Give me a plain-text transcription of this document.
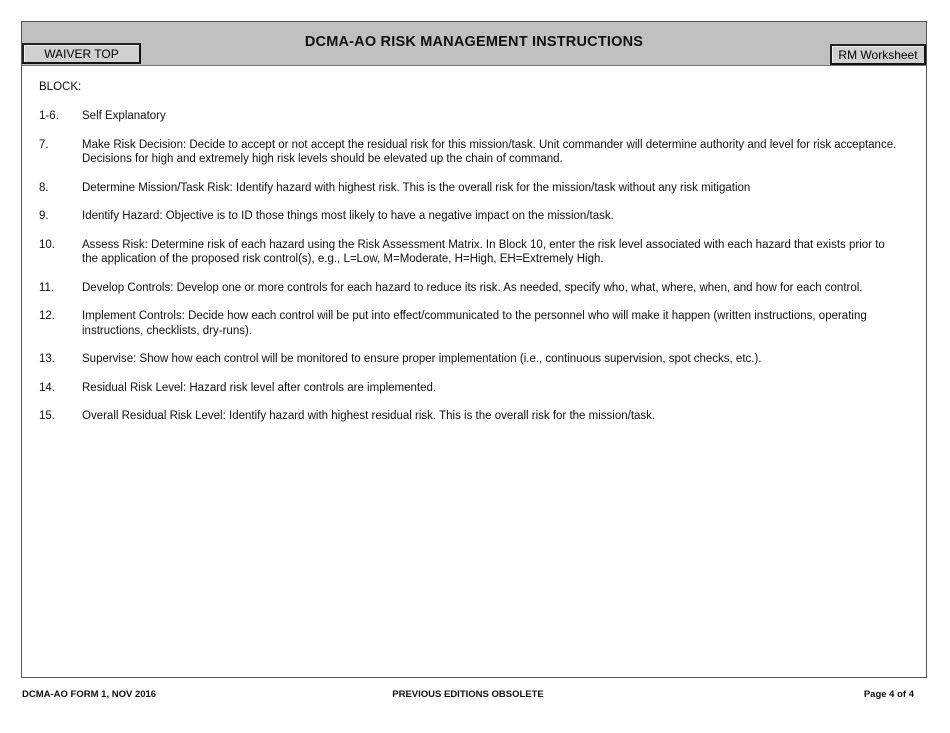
DCMA-AO RISK MANAGEMENT INSTRUCTIONS
WAIVER TOP	RM Worksheet
BLOCK:
1-6.	Self Explanatory
7.	Make Risk Decision: Decide to accept or not accept the residual risk for this mission/task. Unit commander will determine authority and level for risk acceptance. Decisions for high and extremely high risk levels should be elevated up the chain of command.
8.	Determine Mission/Task Risk: Identify hazard with highest risk. This is the overall risk for the mission/task without any risk mitigation
9.	Identify Hazard: Objective is to ID those things most likely to have a negative impact on the mission/task.
10.	Assess Risk: Determine risk of each hazard using the Risk Assessment Matrix. In Block 10, enter the risk level associated with each hazard that exists prior to the application of the proposed risk control(s), e.g., L=Low, M=Moderate, H=High, EH=Extremely High.
11.	Develop Controls: Develop one or more controls for each hazard to reduce its risk. As needed, specify who, what, where, when, and how for each control.
12.	Implement Controls: Decide how each control will be put into effect/communicated to the personnel who will make it happen (written instructions, operating instructions, checklists, dry-runs).
13.	Supervise: Show how each control will be monitored to ensure proper implementation (i.e., continuous supervision, spot checks, etc.).
14.	Residual Risk Level: Hazard risk level after controls are implemented.
15.	Overall Residual Risk Level: Identify hazard with highest residual risk. This is the overall risk for the mission/task.
PREVIOUS EDITIONS OBSOLETE
DCMA-AO FORM 1, NOV 2016	Page 4 of 4
